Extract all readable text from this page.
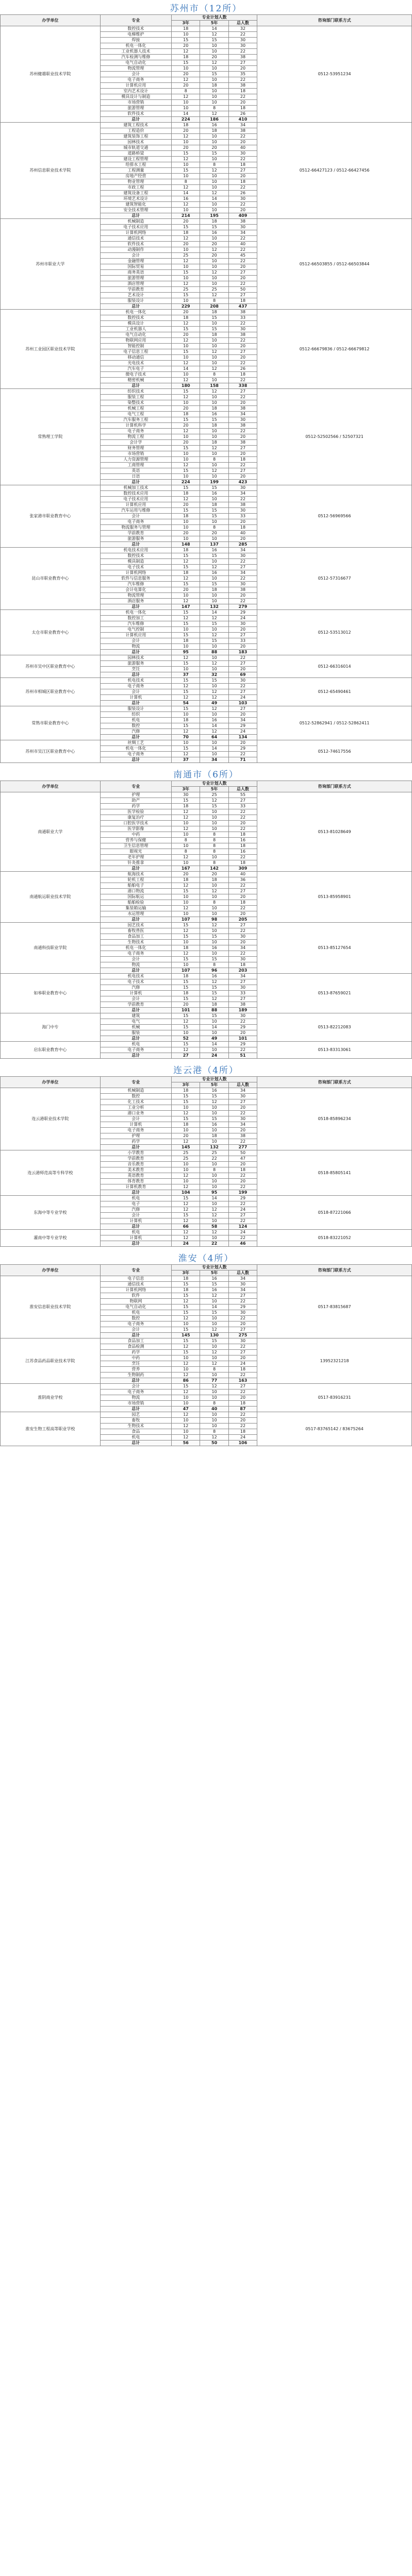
苏州市（12所）
办学单位	专业	专业计划人数			咨询部门联系方式
		3年	5年	总人数	
苏州健雄职业技术学院	数控技术	18	14	32	0512-53951234
	电梯维护	10	12	22	
	焊接	15	15	30	
	机电一体化	20	10	30	
	工业机器人技术	12	10	22	
	汽车检测与维修	18	20	38	
	电气自动化	15	12	27	
	物流管理	10	10	20	
	会计	20	15	35	
	电子商务	12	10	22	
	计算机应用	20	18	38	
	室内艺术设计	8	10	18	
	模具设计与制造	12	10	22	
	市场营销	10	10	20	
	旅游管理	10	8	18	
	软件技术	14	12	26	
	总计	224	186	410	
苏州信息职业技术学院	建筑工程技术	18	16	34	0512-66427123 / 0512-66427456
	工程造价	20	18	38	
	建筑装饰工程	12	10	22	
	园林技术	10	10	20	
	城市轨道交通	20	20	40	
	道路桥梁	15	15	30	
	建设工程管理	12	10	22	
	给排水工程	10	8	18	
	工程测量	15	12	27	
	房地产经营	10	10	20	
	物业管理	8	10	18	
	市政工程	12	10	22	
	建筑设备工程	14	12	26	
	环境艺术设计	16	14	30	
	建筑智能化	12	10	22	
	安全技术管理	10	10	20	
	总计	214	195	409	
苏州市职业大学	机械制造	20	18	38	0512-66503855 / 0512-66503844
	电子技术应用	15	15	30	
	计算机网络	18	16	34	
	通信技术	12	10	22	
	软件技术	20	20	40	
	动漫制作	10	12	22	
	会计	25	20	45	
	金融管理	12	10	22	
	国际贸易	10	10	20	
	商务英语	15	12	27	
	旅游管理	10	10	20	
	酒店管理	12	10	22	
	学前教育	25	25	50	
	艺术设计	15	12	27	
	服装设计	10	8	18	
	总计	229	208	437	
苏州工业园区职业技术学院	机电一体化	20	18	38	0512-66679836 / 0512-66679812
	数控技术	18	15	33	
	模具设计	12	10	22	
	工业机器人	15	15	30	
	电气自动化	20	18	38	
	物联网应用	12	10	22	
	智能控制	10	10	20	
	电子信息工程	15	12	27	
	移动通信	10	10	20	
	光电技术	12	10	22	
	汽车电子	14	12	26	
	微电子技术	10	8	18	
	精密机械	12	10	22	
	总计	180	158	338	
常熟理工学院	纺织技术	15	12	27	0512-52502566 / 52507321
	服装工程	12	10	22	
	染整技术	10	10	20	
	机械工程	20	18	38	
	电气工程	18	16	34	
	汽车服务工程	15	15	30	
	计算机科学	20	18	38	
	电子商务	12	10	22	
	物流工程	10	10	20	
	会计学	20	18	38	
	财务管理	15	12	27	
	市场营销	10	10	20	
	人力资源管理	10	8	18	
	工商管理	12	10	22	
	英语	15	12	27	
	日语	10	10	20	
	总计	224	199	423	
张家港市职业教育中心	机械加工技术	15	15	30	0512-56969566
	数控技术应用	18	16	34	
	电子技术应用	12	10	22	
	计算机应用	20	18	38	
	汽车运用与维修	15	15	30	
	会计	18	15	33	
	电子商务	10	10	20	
	物流服务与管理	10	8	18	
	学前教育	20	20	40	
	旅游服务	10	10	20	
	总计	148	137	285	
昆山市职业教育中心	机电技术应用	18	16	34	0512-57316677
	数控技术	15	15	30	
	模具制造	12	10	22	
	电子技术	15	12	27	
	计算机网络	18	16	34	
	软件与信息服务	12	10	22	
	汽车维修	15	15	30	
	会计电算化	20	18	38	
	物流管理	10	10	20	
	酒店服务	12	10	22	
	总计	147	132	279	
太仓市职业教育中心	机电一体化	15	14	29	0512-53513012
	数控加工	12	12	24	
	汽车维修	15	15	30	
	电气控制	10	10	20	
	计算机应用	15	12	27	
	会计	18	15	33	
	物流	10	10	20	
	总计	95	88	183	
苏州市吴中区职业教育中心	园林技术	12	10	22	0512-66316014
	旅游服务	15	12	27	
	烹饪	10	10	20	
	总计	37	32	69	
苏州市相城区职业教育中心	机电技术	15	15	30	0512-65490461
	电子商务	12	10	22	
	会计	15	12	27	
	计算机	12	12	24	
	总计	54	49	103	
常熟市职业教育中心	服装设计	15	12	27	0512-52862941 / 0512-52862411
	纺织	10	10	20	
	机电	18	16	34	
	数控	15	14	29	
	汽修	12	12	24	
	总计	70	64	134	
苏州市吴江区职业教育中心	丝绸工艺	10	10	20	0512-74617556
	机电一体化	15	14	29	
	电子商务	12	10	22	
	总计	37	34	71	
南通市（6所）
办学单位	专业	专业计划人数			咨询部门联系方式
		3年	5年	总人数	
南通职业大学	护理	30	25	55	0513-81028649
	助产	15	12	27	
	药学	18	15	33	
	医学检验	12	10	22	
	康复治疗	12	10	22	
	口腔医学技术	10	10	20	
	医学影像	12	10	22	
	中药	10	8	18	
	营养与保健	8	8	16	
	卫生信息管理	10	8	18	
	眼视光	8	8	16	
	老年护理	12	10	22	
	针灸推拿	10	8	18	
	总计	167	142	309	
南通航运职业技术学院	航海技术	20	20	40	0513-85958901
	轮机工程	18	18	36	
	船舶电子	12	10	22	
	港口物流	15	12	27	
	国际航运	10	10	20	
	船舶检验	10	8	18	
	集装箱运输	12	10	22	
	水运管理	10	10	20	
	总计	107	98	205	
南通科技职业学院	园艺技术	15	12	27	0513-85127654
	畜牧兽医	12	10	22	
	食品加工	15	15	30	
	生物技术	10	10	20	
	机电一体化	18	16	34	
	电子商务	12	10	22	
	会计	15	15	30	
	物流	10	8	18	
	总计	107	96	203	
如皋职业教育中心	机电技术	18	16	34	0513-87659021
	电子技术	15	12	27	
	汽修	15	15	30	
	计算机	18	15	33	
	会计	15	12	27	
	学前教育	20	18	38	
	总计	101	88	189	
海门中专	建筑	15	15	30	0513-82212083
	电气	12	10	22	
	机械	15	14	29	
	服装	10	10	20	
	总计	52	49	101	
启东职业教育中心	机电	15	14	29	0513-83313061
	电子商务	12	10	22	
	总计	27	24	51	
连云港（4所）
办学单位	专业	专业计划人数			咨询部门联系方式
		3年	5年	总人数	
连云港职业技术学院	机械制造	18	16	34	0518-85896234
	数控	15	15	30	
	化工技术	15	12	27	
	工业分析	10	10	20	
	港口业务	12	10	22	
	会计	15	15	30	
	计算机	18	16	34	
	电子商务	10	10	20	
	护理	20	18	38	
	药学	12	10	22	
	总计	145	132	277	
连云港师范高等专科学校	小学教育	25	25	50	0518-85805141
	学前教育	25	22	47	
	音乐教育	10	10	20	
	美术教育	10	8	18	
	英语教育	12	10	22	
	体育教育	10	10	20	
	计算机教育	12	10	22	
	总计	104	95	199	
东海中等专业学校	机电	15	14	29	0518-87221066
	电子	12	10	22	
	汽修	12	12	24	
	会计	15	12	27	
	计算机	12	10	22	
	总计	66	58	124	
灌南中等专业学校	机电	12	12	24	0518-83221052
	计算机	12	10	22	
	总计	24	22	46	
淮安（4所）
办学单位	专业	专业计划人数			咨询部门联系方式
		3年	5年	总人数	
淮安信息职业技术学院	电子信息	18	16	34	0517-83815687
	通信技术	15	15	30	
	计算机网络	18	16	34	
	软件	15	12	27	
	物联网	12	10	22	
	电气自动化	15	14	29	
	机电	15	15	30	
	数控	12	10	22	
	电子商务	10	10	20	
	会计	15	12	27	
	总计	145	130	275	
江苏食品药品职业技术学院	食品加工	15	15	30	13952321218
	食品检测	12	10	22	
	药学	15	12	27	
	中药	10	10	20	
	烹饪	12	12	24	
	营养	10	8	18	
	生物制药	12	10	22	
	总计	86	77	163	
淮阴商业学校	会计	15	12	27	0517-83916231
	电子商务	12	10	22	
	物流	10	10	20	
	市场营销	10	8	18	
	总计	47	40	87	
淮安生物工程高等职业学校	园艺	12	10	22	0517-83765142 / 83675264
	畜牧	10	10	20	
	生物技术	12	10	22	
	食品	10	8	18	
	机电	12	12	24	
	总计	56	50	106	
